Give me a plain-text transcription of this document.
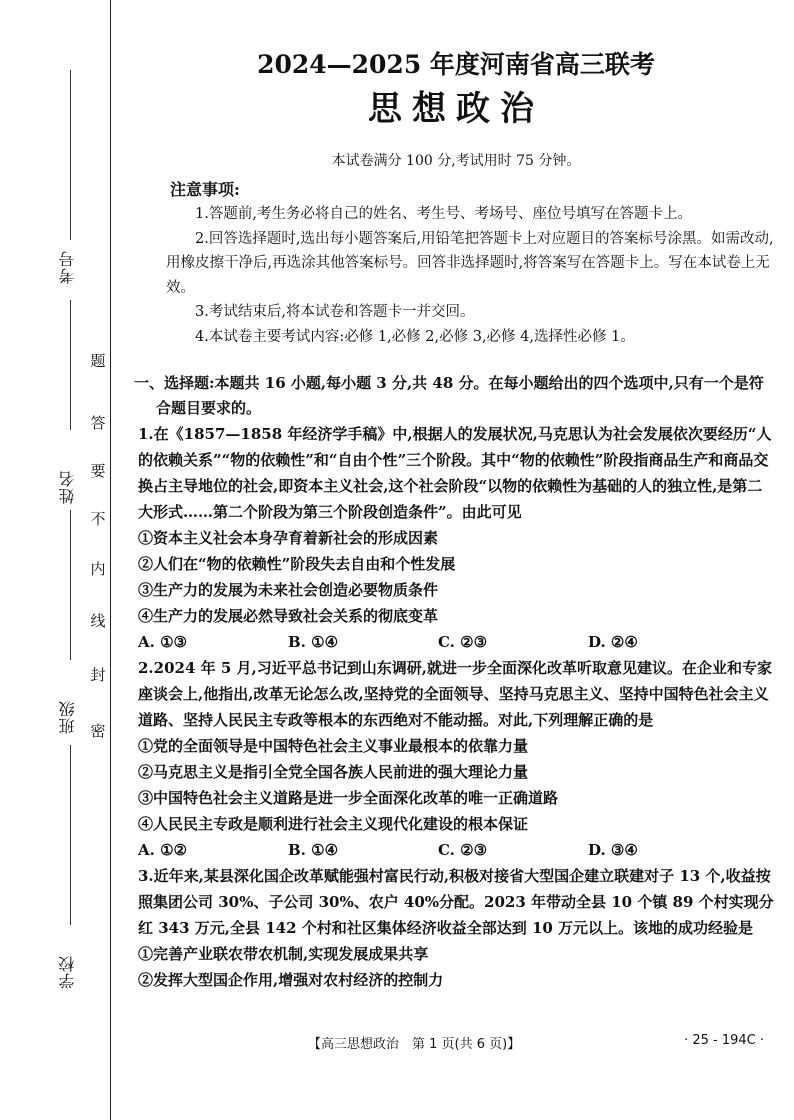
考号
姓名
班级
学校
题
答
要
不
内
线
封
密
2024—2025 年度河南省高三联考
思想政治

本试卷满分 100 分,考试用时 75 分钟。

注意事项:

1.答题前,考生务必将自己的姓名、考生号、考场号、座位号填写在答题卡上。

2.回答选择题时,选出每小题答案后,用铅笔把答题卡上对应题目的答案标号涂黑。如需改动,用橡皮擦干净后,再选涂其他答案标号。回答非选择题时,将答案写在答题卡上。写在本试卷上无效。

3.考试结束后,将本试卷和答题卡一并交回。

4.本试卷主要考试内容:必修 1,必修 2,必修 3,必修 4,选择性必修 1。

一、选择题:本题共 16 小题,每小题 3 分,共 48 分。在每小题给出的四个选项中,只有一个是符
合题目要求的。
1.在《1857—1858 年经济学手稿》中,根据人的发展状况,马克思认为社会发展依次要经历“人的依赖关系”“物的依赖性”和“自由个性”三个阶段。其中“物的依赖性”阶段指商品生产和商品交换占主导地位的社会,即资本主义社会,这个社会阶段“以物的依赖性为基础的人的独立性,是第二大形式……第二个阶段为第三个阶段创造条件”。由此可见

①资本主义社会本身孕育着新社会的形成因素

②人们在“物的依赖性”阶段失去自由和个性发展

③生产力的发展为未来社会创造必要物质条件

④生产力的发展必然导致社会关系的彻底变革

A. ①③	B. ①④	C. ②③	D. ②④
2.2024 年 5 月,习近平总书记到山东调研,就进一步全面深化改革听取意见建议。在企业和专家座谈会上,他指出,改革无论怎么改,坚持党的全面领导、坚持马克思主义、坚持中国特色社会主义道路、坚持人民民主专政等根本的东西绝对不能动摇。对此,下列理解正确的是

①党的全面领导是中国特色社会主义事业最根本的依靠力量

②马克思主义是指引全党全国各族人民前进的强大理论力量

③中国特色社会主义道路是进一步全面深化改革的唯一正确道路

④人民民主专政是顺利进行社会主义现代化建设的根本保证

A. ①②	B. ①④	C. ②③	D. ③④
3.近年来,某县深化国企改革赋能强村富民行动,积极对接省大型国企建立联建对子 13 个,收益按照集团公司 30%、子公司 30%、农户 40%分配。2023 年带动全县 10 个镇 89 个村实现分红 343 万元,全县 142 个村和社区集体经济收益全部达到 10 万元以上。该地的成功经验是

①完善产业联农带农机制,实现发展成果共享

②发挥大型国企作用,增强对农村经济的控制力

【高三思想政治　第 1 页(共 6 页)】	· 25 - 194C ·
